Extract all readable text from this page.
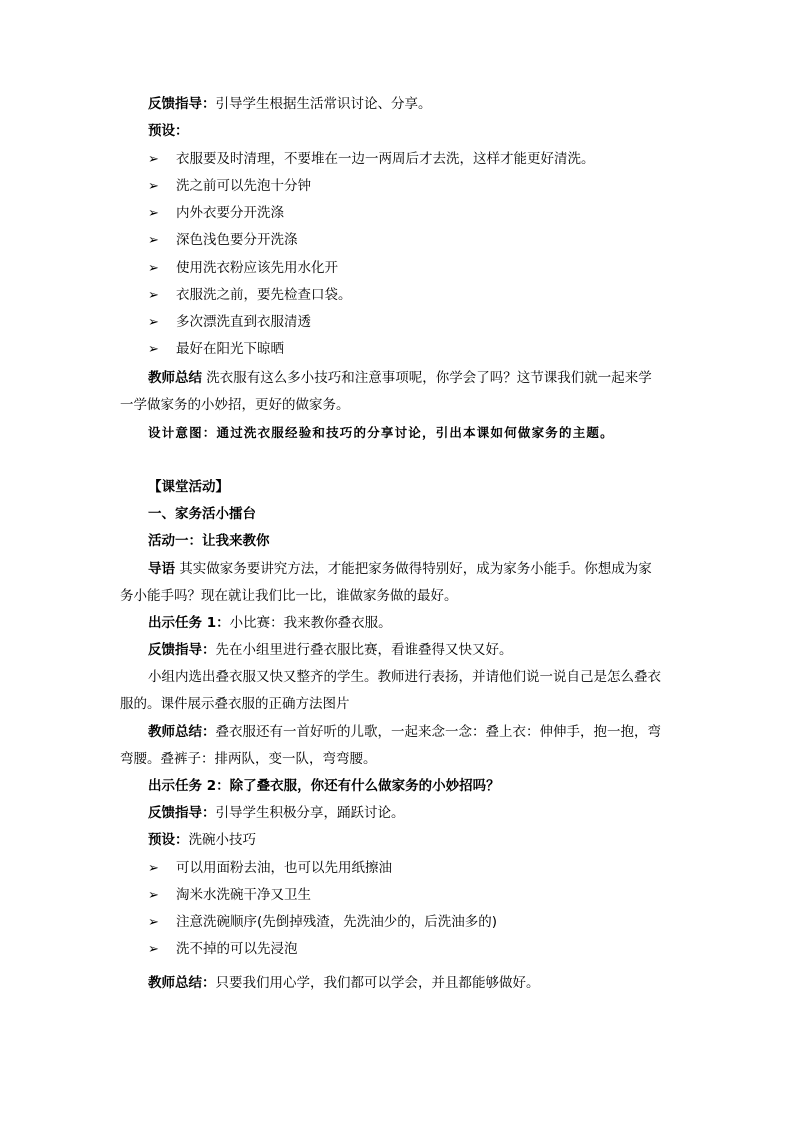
反馈指导：引导学生根据生活常识讨论、分享。
预设：
➢ 衣服要及时清理，不要堆在一边一两周后才去洗，这样才能更好清洗。
➢ 洗之前可以先泡十分钟
➢ 内外衣要分开洗涤
➢ 深色浅色要分开洗涤
➢ 使用洗衣粉应该先用水化开
➢ 衣服洗之前，要先检查口袋。
➢ 多次漂洗直到衣服清透
➢ 最好在阳光下晾晒
教师总结 洗衣服有这么多小技巧和注意事项呢，你学会了吗？这节课我们就一起来学
一学做家务的小妙招，更好的做家务。
设计意图：通过洗衣服经验和技巧的分享讨论，引出本课如何做家务的主题。
【课堂活动】
一、家务活小擂台
活动一：让我来教你
导语 其实做家务要讲究方法，才能把家务做得特别好，成为家务小能手。你想成为家
务小能手吗？现在就让我们比一比，谁做家务做的最好。
出示任务 1：小比赛：我来教你叠衣服。
反馈指导：先在小组里进行叠衣服比赛，看谁叠得又快又好。
小组内选出叠衣服又快又整齐的学生。教师进行表扬，并请他们说一说自己是怎么叠衣
服的。课件展示叠衣服的正确方法图片
教师总结：叠衣服还有一首好听的儿歌，一起来念一念：叠上衣：伸伸手，抱一抱，弯
弯腰。叠裤子：排两队，变一队，弯弯腰。
出示任务 2：除了叠衣服，你还有什么做家务的小妙招吗？
反馈指导：引导学生积极分享，踊跃讨论。
预设：洗碗小技巧
➢ 可以用面粉去油，也可以先用纸擦油
➢ 淘米水洗碗干净又卫生
➢ 注意洗碗顺序(先倒掉残渣，先洗油少的，后洗油多的)
➢ 洗不掉的可以先浸泡
教师总结：只要我们用心学，我们都可以学会，并且都能够做好。
